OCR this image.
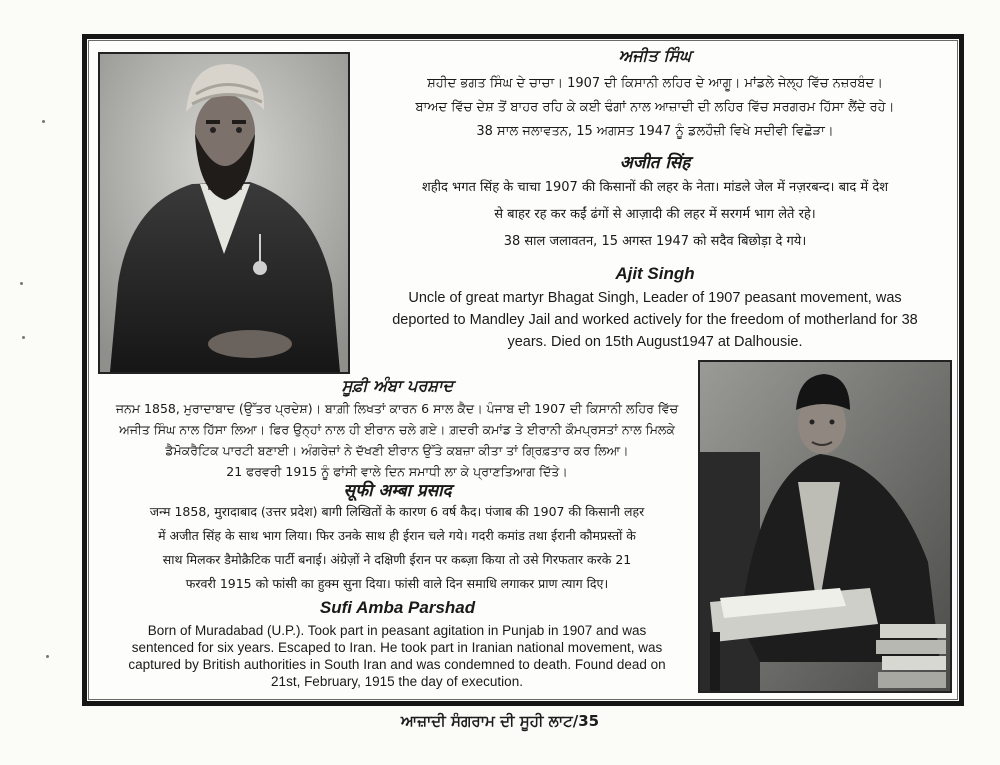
ਅਜੀਤ ਸਿੰਘ
ਸ਼ਹੀਦ ਭਗਤ ਸਿੰਘ ਦੇ ਚਾਚਾ। 1907 ਦੀ ਕਿਸਾਨੀ ਲਹਿਰ ਦੇ ਆਗੂ। ਮਾਂਡਲੇ ਜੇਲ੍ਹ ਵਿੱਚ ਨਜ਼ਰਬੰਦ।
ਬਾਅਦ ਵਿੱਚ ਦੇਸ਼ ਤੋਂ ਬਾਹਰ ਰਹਿ ਕੇ ਕਈ ਢੰਗਾਂ ਨਾਲ ਆਜ਼ਾਦੀ ਦੀ ਲਹਿਰ ਵਿੱਚ ਸਰਗਰਮ ਹਿੱਸਾ ਲੈਂਦੇ ਰਹੇ।
38 ਸਾਲ ਜਲਾਵਤਨ, 15 ਅਗਸਤ 1947 ਨੂੰ ਡਲਹੌਜ਼ੀ ਵਿਖੇ ਸਦੀਵੀ ਵਿਛੋੜਾ।
अजीत सिंह
शहीद भगत सिंह के चाचा 1907 की किसानों की लहर के नेता। मांडले जेल में नज़रबन्द। बाद में देश
से बाहर रह कर कईं ढंगों से आज़ादी की लहर में सरगर्म भाग लेते रहे।
38 साल जलावतन, 15 अगस्त 1947 को सदैव बिछोड़ा दे गये।
Ajit Singh
Uncle of great martyr Bhagat Singh, Leader of 1907 peasant movement, was
deported to Mandley Jail and worked actively for the freedom of motherland for 38
years. Died on 15th August1947 at Dalhousie.
ਸੂਫ਼ੀ ਅੰਬਾ ਪਰਸ਼ਾਦ
ਜਨਮ 1858, ਮੁਰਾਦਾਬਾਦ (ਉੱਤਰ ਪ੍ਰਦੇਸ਼)। ਬਾਗ਼ੀ ਲਿਖਤਾਂ ਕਾਰਨ 6 ਸਾਲ ਕੈਦ। ਪੰਜਾਬ ਦੀ 1907 ਦੀ ਕਿਸਾਨੀ ਲਹਿਰ ਵਿੱਚ
ਅਜੀਤ ਸਿੰਘ ਨਾਲ ਹਿੱਸਾ ਲਿਆ। ਫਿਰ ਉਨ੍ਹਾਂ ਨਾਲ ਹੀ ਈਰਾਨ ਚਲੇ ਗਏ। ਗ਼ਦਰੀ ਕਮਾਂਡ ਤੇ ਈਰਾਨੀ ਕੌਮਪ੍ਰਸਤਾਂ ਨਾਲ ਮਿਲਕੇ
ਡੈਮੋਕਰੈਟਿਕ ਪਾਰਟੀ ਬਣਾਈ। ਅੰਗਰੇਜ਼ਾਂ ਨੇ ਦੱਖਣੀ ਈਰਾਨ ਉੱਤੇ ਕਬਜ਼ਾ ਕੀਤਾ ਤਾਂ ਗ੍ਰਿਫ਼ਤਾਰ ਕਰ ਲਿਆ।
21 ਫਰਵਰੀ 1915 ਨੂੰ ਫਾਂਸੀ ਵਾਲੇ ਦਿਨ ਸਮਾਧੀ ਲਾ ਕੇ ਪ੍ਰਾਣਤਿਆਗ ਦਿੱਤੇ।
सूफी अम्बा प्रसाद
जन्म 1858, मुरादाबाद (उत्तर प्रदेश) बागी लिखितों के कारण 6 वर्ष कैद। पंजाब की 1907 की किसानी लहर
में अजीत सिंह के साथ भाग लिया। फिर उनके साथ ही ईरान चले गये। गदरी कमांड तथा ईरानी कौमप्रस्तों के
साथ मिलकर डैमोक्रैटिक पार्टी बनाई। अंग्रेज़ों ने दक्षिणी ईरान पर कब्ज़ा किया तो उसे गिरफतार करके 21
फरवरी 1915 को फांसी का हुक्म सुना दिया। फांसी वाले दिन समाधि लगाकर प्राण त्याग दिए।
Sufi Amba Parshad
Born of Muradabad (U.P.). Took part in peasant agitation in Punjab in 1907 and was
sentenced for six years. Escaped to Iran. He took part in Iranian national movement, was
captured by British authorities in South Iran and was condemned to death. Found dead on
21st, February, 1915 the day of execution.
ਆਜ਼ਾਦੀ ਸੰਗਰਾਮ ਦੀ ਸੂਹੀ ਲਾਟ/35
